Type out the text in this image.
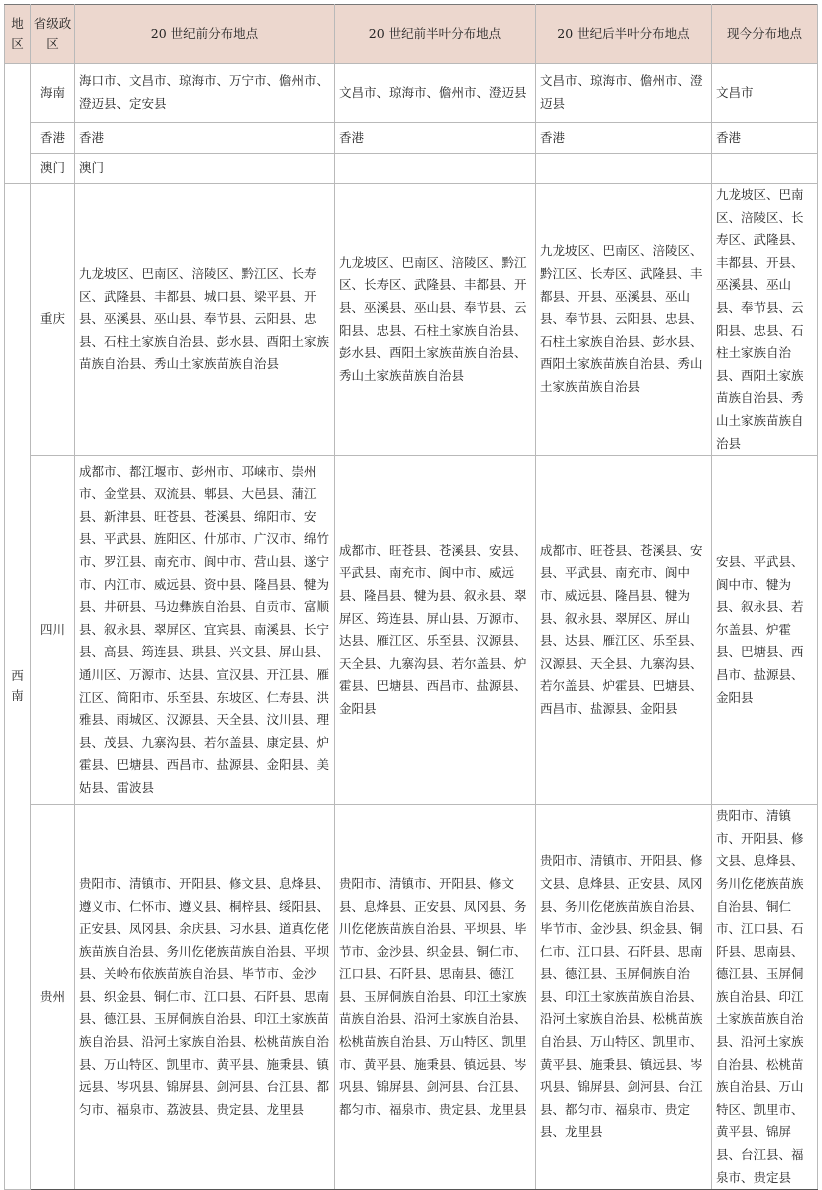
地区	省级政区	20 世纪前分布地点	20 世纪前半叶分布地点	20 世纪后半叶分布地点	现今分布地点
	海南	海口市、文昌市、琼海市、万宁市、儋州市、澄迈县、定安县	文昌市、琼海市、儋州市、澄迈县	文昌市、琼海市、儋州市、澄迈县	文昌市
	香港	香港	香港	香港	香港
	澳门	澳门			
西南	重庆	九龙坡区、巴南区、涪陵区、黔江区、长寿区、武隆县、丰都县、城口县、梁平县、开县、巫溪县、巫山县、奉节县、云阳县、忠县、石柱土家族自治县、彭水县、酉阳土家族苗族自治县、秀山土家族苗族自治县	九龙坡区、巴南区、涪陵区、黔江区、长寿区、武隆县、丰都县、开县、巫溪县、巫山县、奉节县、云阳县、忠县、石柱土家族自治县、彭水县、酉阳土家族苗族自治县、秀山土家族苗族自治县	九龙坡区、巴南区、涪陵区、黔江区、长寿区、武隆县、丰都县、开县、巫溪县、巫山县、奉节县、云阳县、忠县、石柱土家族自治县、彭水县、酉阳土家族苗族自治县、秀山土家族苗族自治县	九龙坡区、巴南区、涪陵区、长寿区、武隆县、丰都县、开县、巫溪县、巫山县、奉节县、云阳县、忠县、石柱土家族自治县、酉阳土家族苗族自治县、秀山土家族苗族自治县
	四川	成都市、都江堰市、彭州市、邛崃市、崇州市、金堂县、双流县、郫县、大邑县、蒲江县、新津县、旺苍县、苍溪县、绵阳市、安县、平武县、旌阳区、什邡市、广汉市、绵竹市、罗江县、南充市、阆中市、营山县、遂宁市、内江市、威远县、资中县、隆昌县、犍为县、井研县、马边彝族自治县、自贡市、富顺县、叙永县、翠屏区、宜宾县、南溪县、长宁县、高县、筠连县、珙县、兴文县、屏山县、通川区、万源市、达县、宣汉县、开江县、雁江区、简阳市、乐至县、东坡区、仁寿县、洪雅县、雨城区、汉源县、天全县、汶川县、理县、茂县、九寨沟县、若尔盖县、康定县、炉霍县、巴塘县、西昌市、盐源县、金阳县、美姑县、雷波县	成都市、旺苍县、苍溪县、安县、平武县、南充市、阆中市、威远县、隆昌县、犍为县、叙永县、翠屏区、筠连县、屏山县、万源市、达县、雁江区、乐至县、汉源县、天全县、九寨沟县、若尔盖县、炉霍县、巴塘县、西昌市、盐源县、金阳县	成都市、旺苍县、苍溪县、安县、平武县、南充市、阆中市、威远县、隆昌县、犍为县、叙永县、翠屏区、屏山县、达县、雁江区、乐至县、汉源县、天全县、九寨沟县、若尔盖县、炉霍县、巴塘县、西昌市、盐源县、金阳县	安县、平武县、阆中市、犍为县、叙永县、若尔盖县、炉霍县、巴塘县、西昌市、盐源县、金阳县
	贵州	贵阳市、清镇市、开阳县、修文县、息烽县、遵义市、仁怀市、遵义县、桐梓县、绥阳县、正安县、凤冈县、余庆县、习水县、道真仡佬族苗族自治县、务川仡佬族苗族自治县、平坝县、关岭布依族苗族自治县、毕节市、金沙县、织金县、铜仁市、江口县、石阡县、思南县、德江县、玉屏侗族自治县、印江土家族苗族自治县、沿河土家族自治县、松桃苗族自治县、万山特区、凯里市、黄平县、施秉县、镇远县、岑巩县、锦屏县、剑河县、台江县、都匀市、福泉市、荔波县、贵定县、龙里县	贵阳市、清镇市、开阳县、修文县、息烽县、正安县、凤冈县、务川仡佬族苗族自治县、平坝县、毕节市、金沙县、织金县、铜仁市、江口县、石阡县、思南县、德江县、玉屏侗族自治县、印江土家族苗族自治县、沿河土家族自治县、松桃苗族自治县、万山特区、凯里市、黄平县、施秉县、镇远县、岑巩县、锦屏县、剑河县、台江县、都匀市、福泉市、贵定县、龙里县	贵阳市、清镇市、开阳县、修文县、息烽县、正安县、凤冈县、务川仡佬族苗族自治县、毕节市、金沙县、织金县、铜仁市、江口县、石阡县、思南县、德江县、玉屏侗族自治县、印江土家族苗族自治县、沿河土家族自治县、松桃苗族自治县、万山特区、凯里市、黄平县、施秉县、镇远县、岑巩县、锦屏县、剑河县、台江县、都匀市、福泉市、贵定县、龙里县	贵阳市、清镇市、开阳县、修文县、息烽县、务川仡佬族苗族自治县、铜仁市、江口县、石阡县、思南县、德江县、玉屏侗族自治县、印江土家族苗族自治县、沿河土家族自治县、松桃苗族自治县、万山特区、凯里市、黄平县、锦屏县、台江县、福泉市、贵定县
